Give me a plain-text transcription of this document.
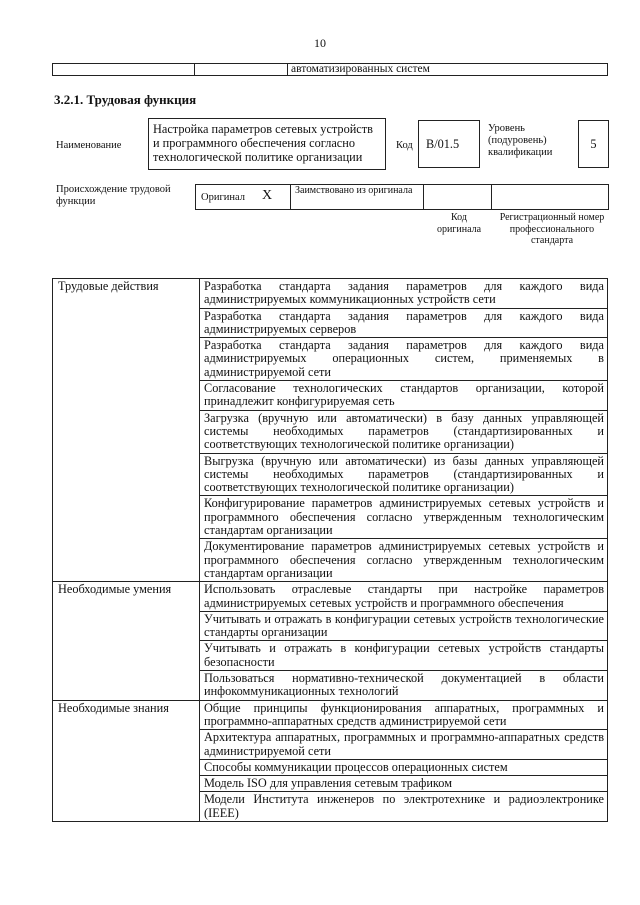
10
		автоматизированных систем
3.2.1. Трудовая функция
Наименование
Настройка параметров сетевых устройств и программного обеспечения согласно технологической политике организации
Код	B/01.5
Уровень (подуровень) квалификации
5
Происхождение трудовой функции	Оригинал X Заимствовано из оригинала
Код оригинала
Регистрационный номер профессионального стандарта
Трудовые действия	Разработка стандарта задания параметров для каждого вида администрируемых коммуникационных устройств сети
	Разработка стандарта задания параметров для каждого вида администрируемых серверов
	Разработка стандарта задания параметров для каждого вида администрируемых операционных систем, применяемых в администрируемой сети
	Согласование технологических стандартов организации, которой принадлежит конфигурируемая сеть
	Загрузка (вручную или автоматически) в базу данных управляющей системы необходимых параметров (стандартизированных и соответствующих технологической политике организации)
	Выгрузка (вручную или автоматически) из базы данных управляющей системы необходимых параметров (стандартизированных и соответствующих технологической политике организации)
	Конфигурирование параметров администрируемых сетевых устройств и программного обеспечения согласно утвержденным технологическим стандартам организации
	Документирование параметров администрируемых сетевых устройств и программного обеспечения согласно утвержденным технологическим стандартам организации
Необходимые умения	Использовать отраслевые стандарты при настройке параметров администрируемых сетевых устройств и программного обеспечения
	Учитывать и отражать в конфигурации сетевых устройств технологические стандарты организации
	Учитывать и отражать в конфигурации сетевых устройств стандарты безопасности
	Пользоваться нормативно-технической документацией в области инфокоммуникационных технологий
Необходимые знания	Общие принципы функционирования аппаратных, программных и программно-аппаратных средств администрируемой сети
	Архитектура аппаратных, программных и программно-аппаратных средств администрируемой сети
	Способы коммуникации процессов операционных систем
	Модель ISO для управления сетевым трафиком
	Модели Института инженеров по электротехнике и радиоэлектронике (IEEE)
